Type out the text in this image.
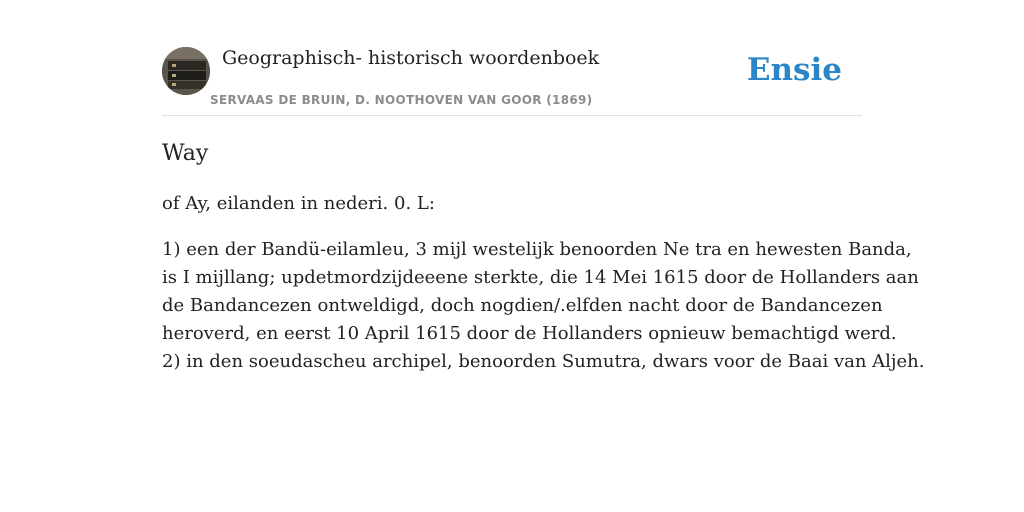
Geographisch- historisch woordenboek
SERVAAS DE BRUIN, D. NOOTHOVEN VAN GOOR (1869)
Ensie
Way

of Ay, eilanden in nederi. 0. L:

1) een der Bandü-eilamleu, 3 mijl westelijk benoorden Ne tra en hewesten Banda,
is I mijllang; updetmordzijdeeene sterkte, die 14 Mei 1615 door de Hollanders aan
de Bandancezen ontweldigd, doch nogdien/.elfden nacht door de Bandancezen
heroverd, en eerst 10 April 1615 door de Hollanders opnieuw bemachtigd werd.
2) in den soeudascheu archipel, benoorden Sumutra, dwars voor de Baai van Aljeh.
